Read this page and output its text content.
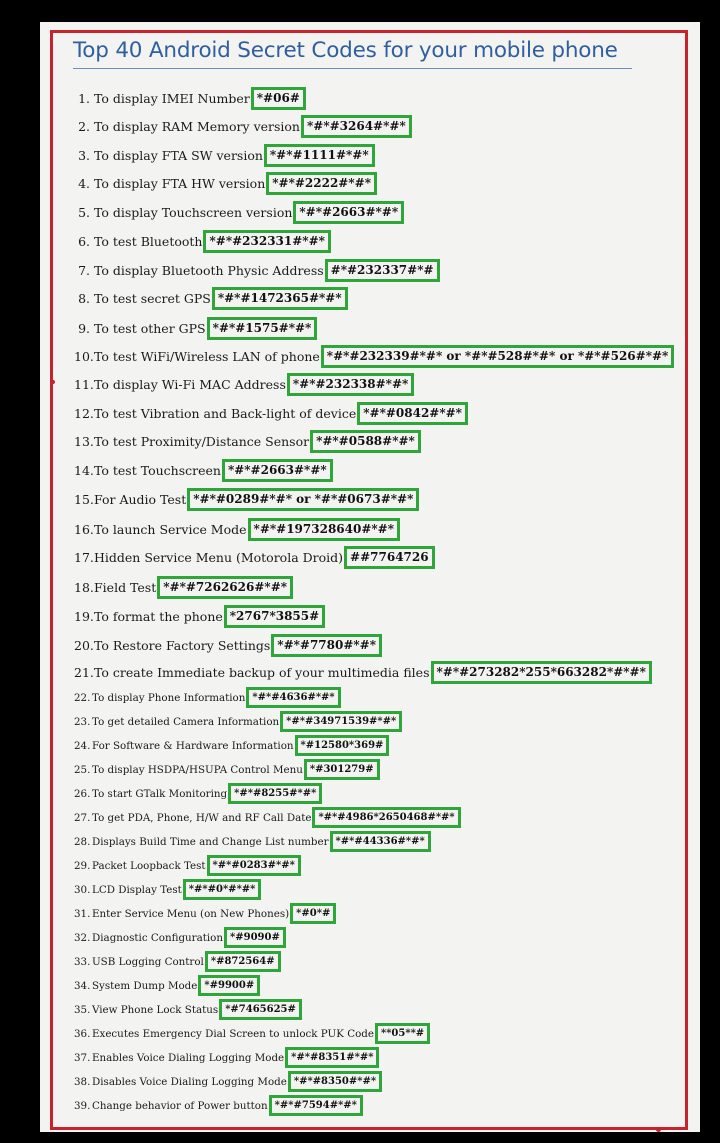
Top 40 Android Secret Codes for your mobile phone
1. To display IMEI Number *#06#
2. To display RAM Memory version *#*#3264#*#*
3. To display FTA SW version *#*#1111#*#*
4. To display FTA HW version *#*#2222#*#*
5. To display Touchscreen version *#*#2663#*#*
6. To test Bluetooth *#*#232331#*#*
7. To display Bluetooth Physic Address #*#232337#*#
8. To test secret GPS *#*#1472365#*#*
9. To test other GPS *#*#1575#*#*
10. To test WiFi/Wireless LAN of phone *#*#232339#*#* or *#*#528#*#* or *#*#526#*#*
11. To display Wi-Fi MAC Address *#*#232338#*#*
12. To test Vibration and Back-light of device *#*#0842#*#*
13. To test Proximity/Distance Sensor *#*#0588#*#*
14. To test Touchscreen *#*#2663#*#*
15. For Audio Test *#*#0289#*#* or *#*#0673#*#*
16. To launch Service Mode *#*#197328640#*#*
17. Hidden Service Menu (Motorola Droid) ##7764726
18. Field Test *#*#7262626#*#*
19. To format the phone *2767*3855#
20. To Restore Factory Settings *#*#7780#*#*
21. To create Immediate backup of your multimedia files *#*#273282*255*663282*#*#*
22. To display Phone Information *#*#4636#*#*
23. To get detailed Camera Information *#*#34971539#*#*
24. For Software & Hardware Information *#12580*369#
25. To display HSDPA/HSUPA Control Menu *#301279#
26. To start GTalk Monitoring *#*#8255#*#*
27. To get PDA, Phone, H/W and RF Call Date *#*#4986*2650468#*#*
28. Displays Build Time and Change List number *#*#44336#*#*
29. Packet Loopback Test *#*#0283#*#*
30. LCD Display Test *#*#0*#*#*
31. Enter Service Menu (on New Phones) *#0*#
32. Diagnostic Configuration *#9090#
33. USB Logging Control *#872564#
34. System Dump Mode *#9900#
35. View Phone Lock Status *#7465625#
36. Executes Emergency Dial Screen to unlock PUK Code **05**#
37. Enables Voice Dialing Logging Mode *#*#8351#*#*
38. Disables Voice Dialing Logging Mode *#*#8350#*#*
39. Change behavior of Power button *#*#7594#*#*
